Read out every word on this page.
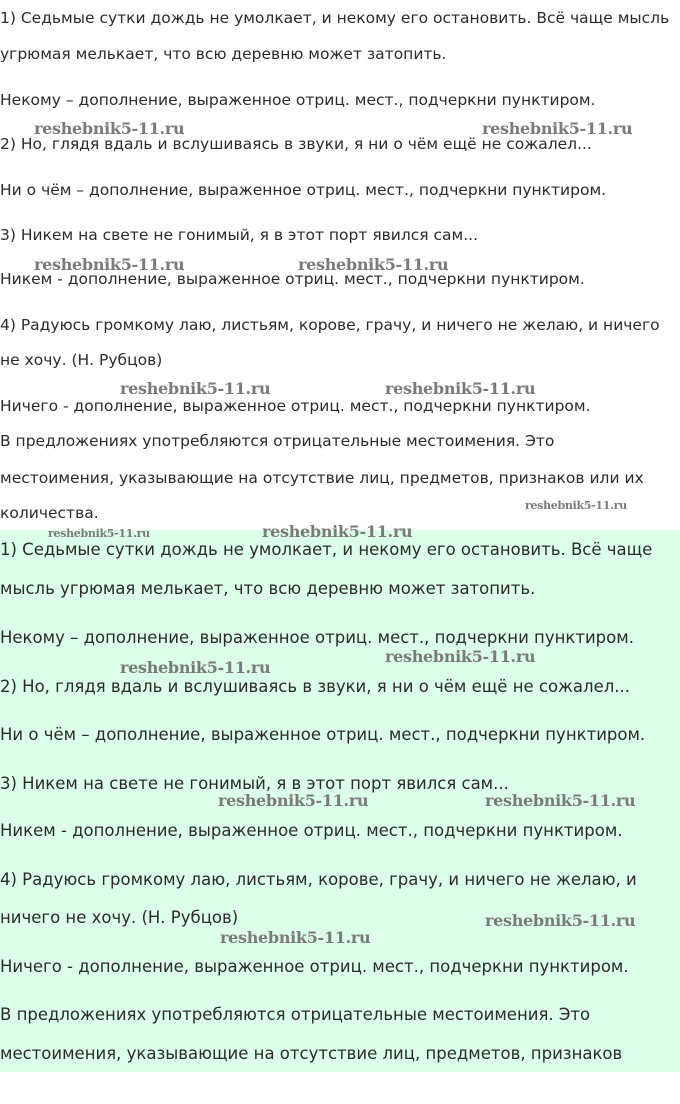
1) Седьмые сутки дождь не умолкает, и некому его остановить. Всё чаще мысль

угрюмая мелькает, что всю деревню может затопить.

Некому – дополнение, выраженное отриц. мест., подчеркни пунктиром.

2) Но, глядя вдаль и вслушиваясь в звуки, я ни о чём ещё не сожалел...

Ни о чём – дополнение, выраженное отриц. мест., подчеркни пунктиром.

3) Никем на свете не гонимый, я в этот порт явился сам...

Никем - дополнение, выраженное отриц. мест., подчеркни пунктиром.

4) Радуюсь громкому лаю, листьям, корове, грачу, и ничего не желаю, и ничего

не хочу. (Н. Рубцов)

Ничего - дополнение, выраженное отриц. мест., подчеркни пунктиром.

В предложениях употребляются отрицательные местоимения. Это

местоимения, указывающие на отсутствие лиц, предметов, признаков или их

количества.

1) Седьмые сутки дождь не умолкает, и некому его остановить. Всё чаще

мысль угрюмая мелькает, что всю деревню может затопить.

Некому – дополнение, выраженное отриц. мест., подчеркни пунктиром.

2) Но, глядя вдаль и вслушиваясь в звуки, я ни о чём ещё не сожалел...

Ни о чём – дополнение, выраженное отриц. мест., подчеркни пунктиром.

3) Никем на свете не гонимый, я в этот порт явился сам...

Никем - дополнение, выраженное отриц. мест., подчеркни пунктиром.

4) Радуюсь громкому лаю, листьям, корове, грачу, и ничего не желаю, и

ничего не хочу. (Н. Рубцов)

Ничего - дополнение, выраженное отриц. мест., подчеркни пунктиром.

В предложениях употребляются отрицательные местоимения. Это

местоимения, указывающие на отсутствие лиц, предметов, признаков

reshebnik5-11.ru	reshebnik5-11.ru
reshebnik5-11.ru	reshebnik5-11.ru
reshebnik5-11.ru	reshebnik5-11.ru
reshebnik5-11.ru
reshebnik5-11.ru	reshebnik5-11.ru
reshebnik5-11.ru
reshebnik5-11.ru
reshebnik5-11.ru	reshebnik5-11.ru
reshebnik5-11.ru
reshebnik5-11.ru
